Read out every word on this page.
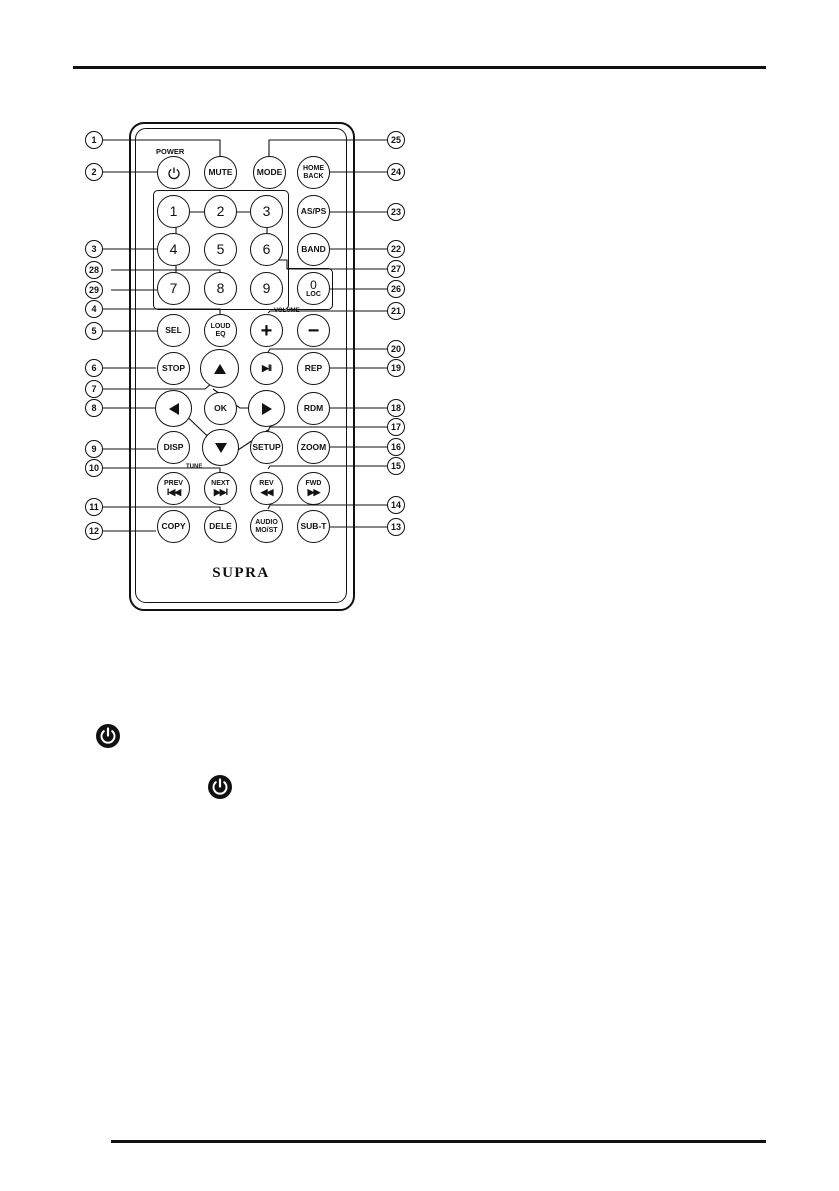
POWER
VOLUME
TUNE
MUTE	MODE	HOME
BACK
1	2	3	AS/PS
4	5	6	BAND
7	8	9	0
LOC
SEL	LOUD
EQ + −
STOP	▶II	REP
OK	RDM
DISP	SETUP ZOOM
PREV
I◀◀
NEXT
▶▶I
REV
◀◀
FWD
▶▶
COPY	DELE	AUDIO
MO/ST	SUB-T
SUPRA
1
2
3
28
29
4
5
6
7
8
9
10
11
12
25
24
23
22
27
26
21
20
19
18
17
16
15
14
13
